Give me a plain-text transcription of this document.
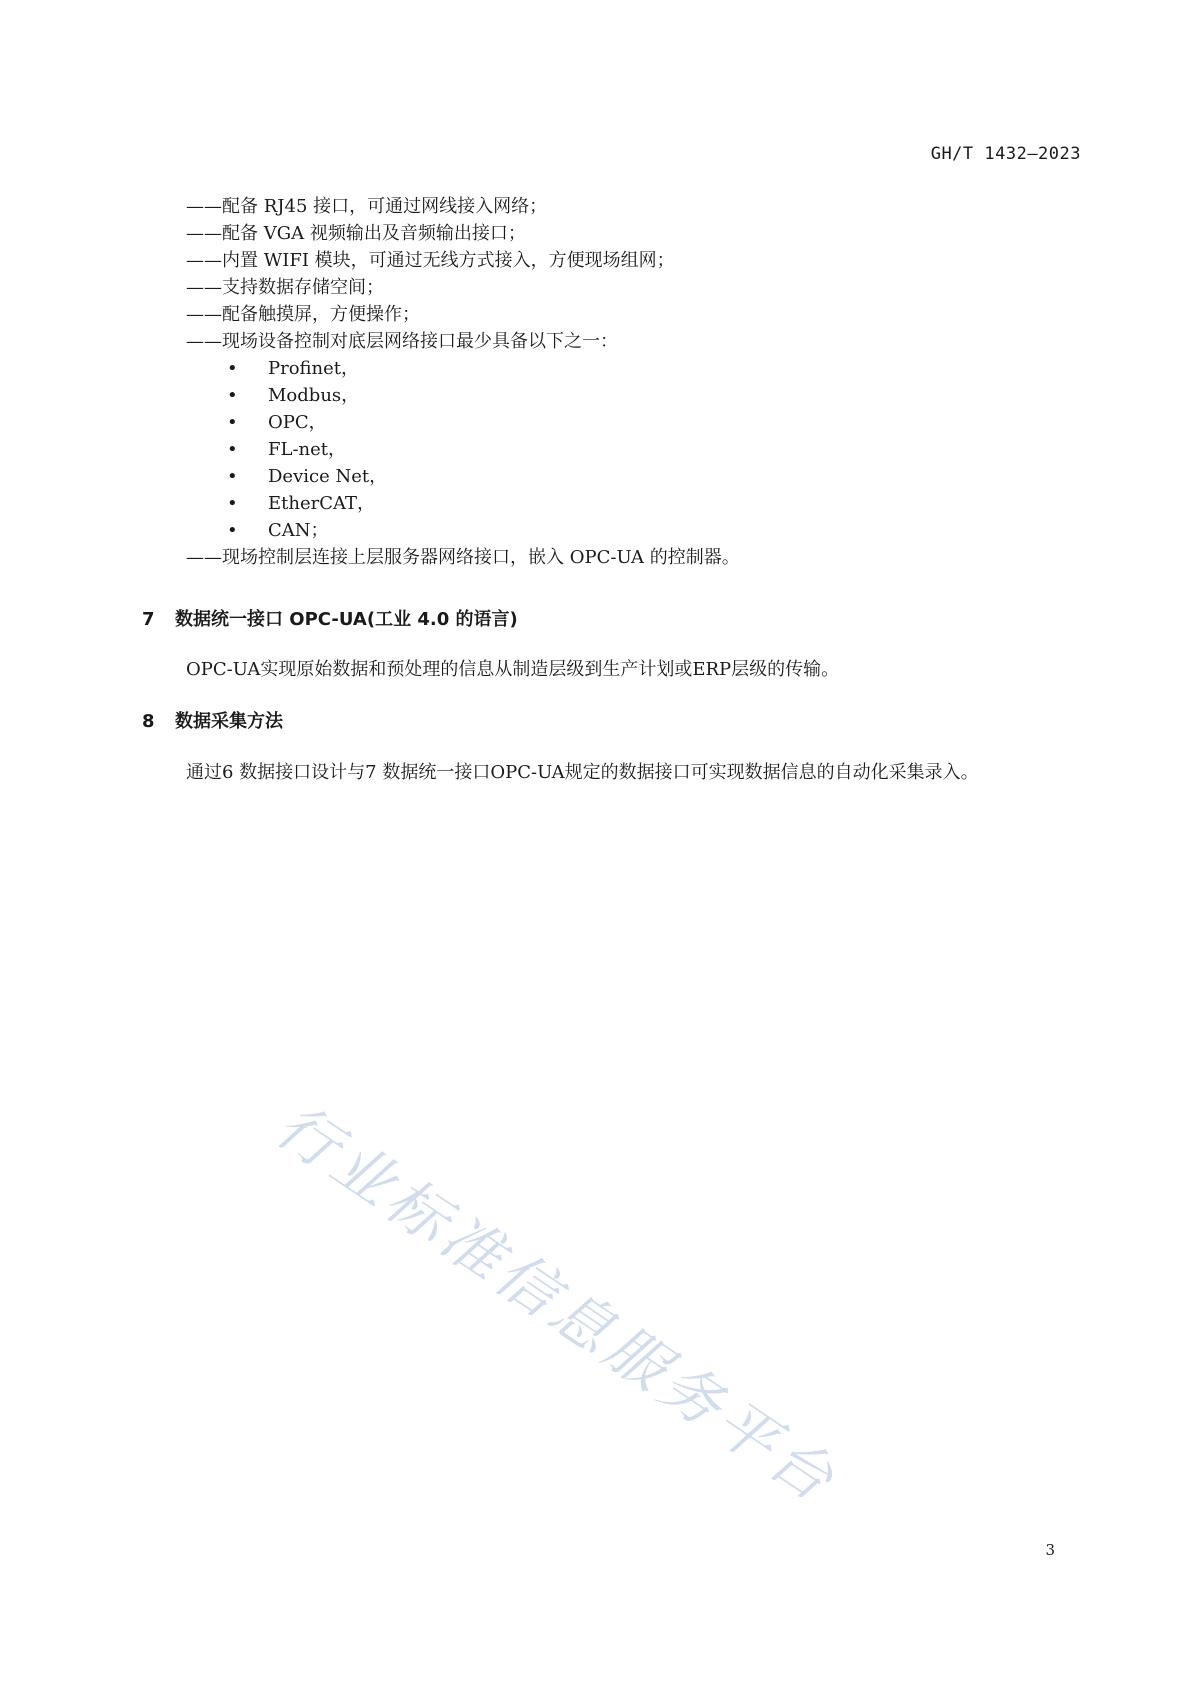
GH/T 1432—2023
——配备 RJ45 接口，可通过网线接入网络；
——配备 VGA 视频输出及音频输出接口；
——内置 WIFI 模块，可通过无线方式接入，方便现场组网；
——支持数据存储空间；
——配备触摸屏，方便操作；
——现场设备控制对底层网络接口最少具备以下之一：
• Profinet，
• Modbus，
• OPC，
• FL-net，
• Device Net，
• EtherCAT，
• CAN；
——现场控制层连接上层服务器网络接口，嵌入 OPC-UA 的控制器。
7 数据统一接口 OPC-UA(工业 4.0 的语言)
OPC-UA实现原始数据和预处理的信息从制造层级到生产计划或ERP层级的传输。
8 数据采集方法
通过6 数据接口设计与7 数据统一接口OPC-UA规定的数据接口可实现数据信息的自动化采集录入。
行业标准信息服务平台
3
